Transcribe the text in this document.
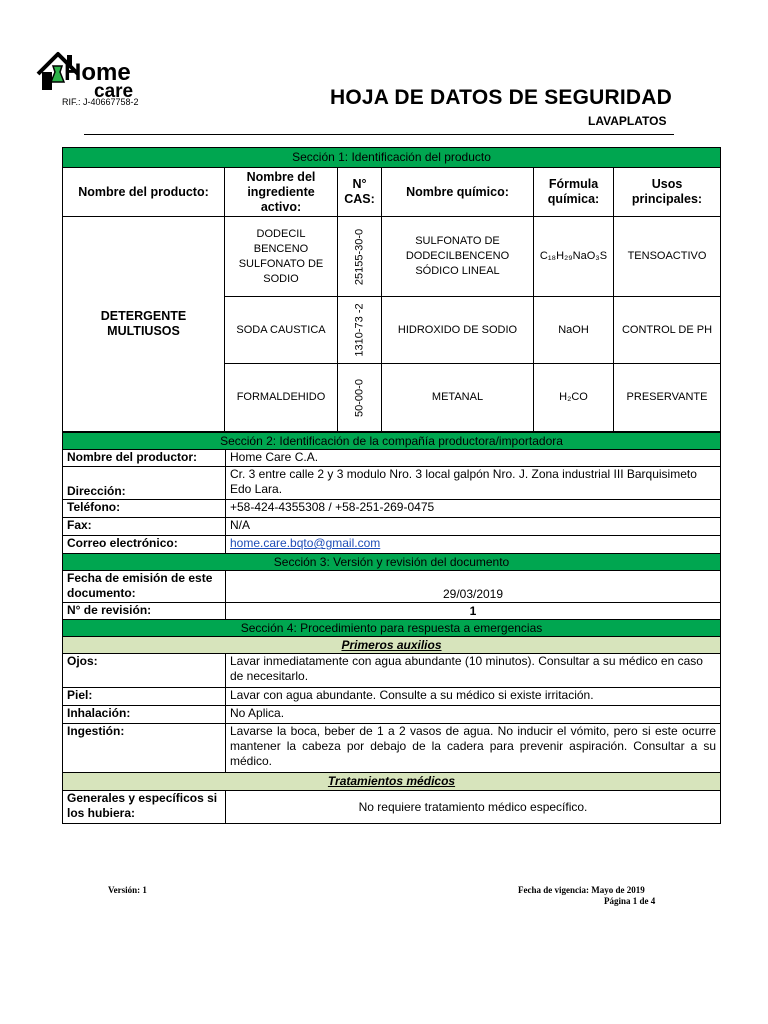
Home
care
RIF.: J-40667758-2	HOJA DE DATOS DE SEGURIDAD
LAVAPLATOS
Sección 1: Identificación del producto					
Nombre del producto:	Nombre del ingrediente activo:	N° CAS:	Nombre químico:	Fórmula química:	Usos principales:
DETERGENTE MULTIUSOS	DODECIL BENCENO SULFONATO DE SODIO	25155-30-0	SULFONATO DE DODECILBENCENO SÓDICO LINEAL	C₁₈H₂₉NaO₃S	TENSOACTIVO
	SODA CAUSTICA	1310-73 -2	HIDROXIDO DE SODIO	NaOH	CONTROL DE PH
	FORMALDEHIDO	50-00-0	METANAL	H₂CO	PRESERVANTE
Sección 2: Identificación de la compañía productora/importadora	
Nombre del productor:	Home Care C.A.
Dirección:	Cr. 3 entre calle 2 y 3 modulo Nro. 3 local galpón Nro. J. Zona industrial III Barquisimeto Edo Lara.
Teléfono:	+58-424-4355308 / +58-251-269-0475
Fax:	N/A
Correo electrónico:	home.care.bqto@gmail.com
Sección 3: Versión y revisión del documento	
Fecha de emisión de este documento:	29/03/2019
N° de revisión:	1
Sección 4: Procedimiento para respuesta a emergencias	
Primeros auxilios	
Ojos:	Lavar inmediatamente con agua abundante (10 minutos). Consultar a su médico en caso de necesitarlo.
Piel:	Lavar con agua abundante. Consulte a su médico si existe irritación.
Inhalación:	No Aplica.
Ingestión:	Lavarse la boca, beber de 1 a 2 vasos de agua. No inducir el vómito, pero si este ocurre mantener la cabeza por debajo de la cadera para prevenir aspiración. Consultar a su médico.
Tratamientos médicos	
Generales y específicos si los hubiera:	No requiere tratamiento médico específico.
Versión: 1	Fecha de vigencia: Mayo de 2019
Página 1 de 4
